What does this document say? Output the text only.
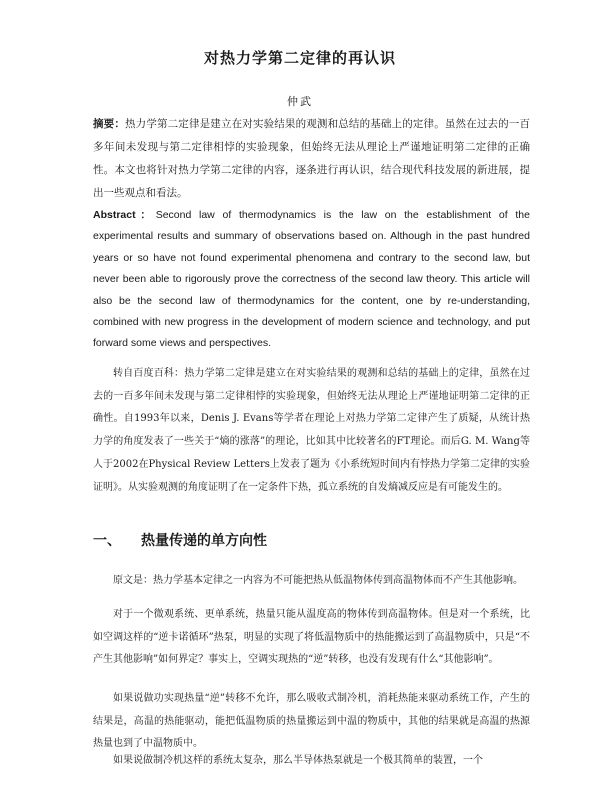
对热力学第二定律的再认识
仲武
摘要：热力学第二定律是建立在对实验结果的观测和总结的基础上的定律。虽然在过去的一百多年间未发现与第二定律相悖的实验现象，但始终无法从理论上严谨地证明第二定律的正确性。本文也将针对热力学第二定律的内容，逐条进行再认识，结合现代科技发展的新进展，提出一些观点和看法。
Abstract：Second law of thermodynamics is the law on the establishment of the experimental results and summary of observations based on. Although in the past hundred years or so have not found experimental phenomena and contrary to the second law, but never been able to rigorously prove the correctness of the second law theory. This article will also be the second law of thermodynamics for the content, one by re-understanding, combined with new progress in the development of modern science and technology, and put forward some views and perspectives.
转自百度百科：热力学第二定律是建立在对实验结果的观测和总结的基础上的定律，虽然在过去的一百多年间未发现与第二定律相悖的实验现象，但始终无法从理论上严谨地证明第二定律的正确性。自1993年以来，Denis J. Evans等学者在理论上对热力学第二定律产生了质疑，从统计热力学的角度发表了一些关于“熵的涨落”的理论，比如其中比较著名的FT理论。而后G. M. Wang等人于2002在Physical Review Letters上发表了题为《小系统短时间内有悖热力学第二定律的实验证明》。从实验观测的角度证明了在一定条件下热，孤立系统的自发熵减反应是有可能发生的。
一、 热量传递的单方向性
原文是：热力学基本定律之一内容为不可能把热从低温物体传到高温物体而不产生其他影响。
对于一个微观系统、更单系统，热量只能从温度高的物体传到高温物体。但是对一个系统，比如空调这样的“逆卡诺循环”热泵，明显的实现了将低温物质中的热能搬运到了高温物质中，只是“不产生其他影响”如何界定？事实上，空调实现热的“逆”转移，也没有发现有什么“其他影响”。
如果说做功实现热量“逆”转移不允许，那么吸收式制冷机，消耗热能来驱动系统工作，产生的结果是，高温的热能驱动，能把低温物质的热量搬运到中温的物质中，其他的结果就是高温的热源热量也到了中温物质中。
如果说做制冷机这样的系统太复杂，那么半导体热泵就是一个极其简单的装置，一个
